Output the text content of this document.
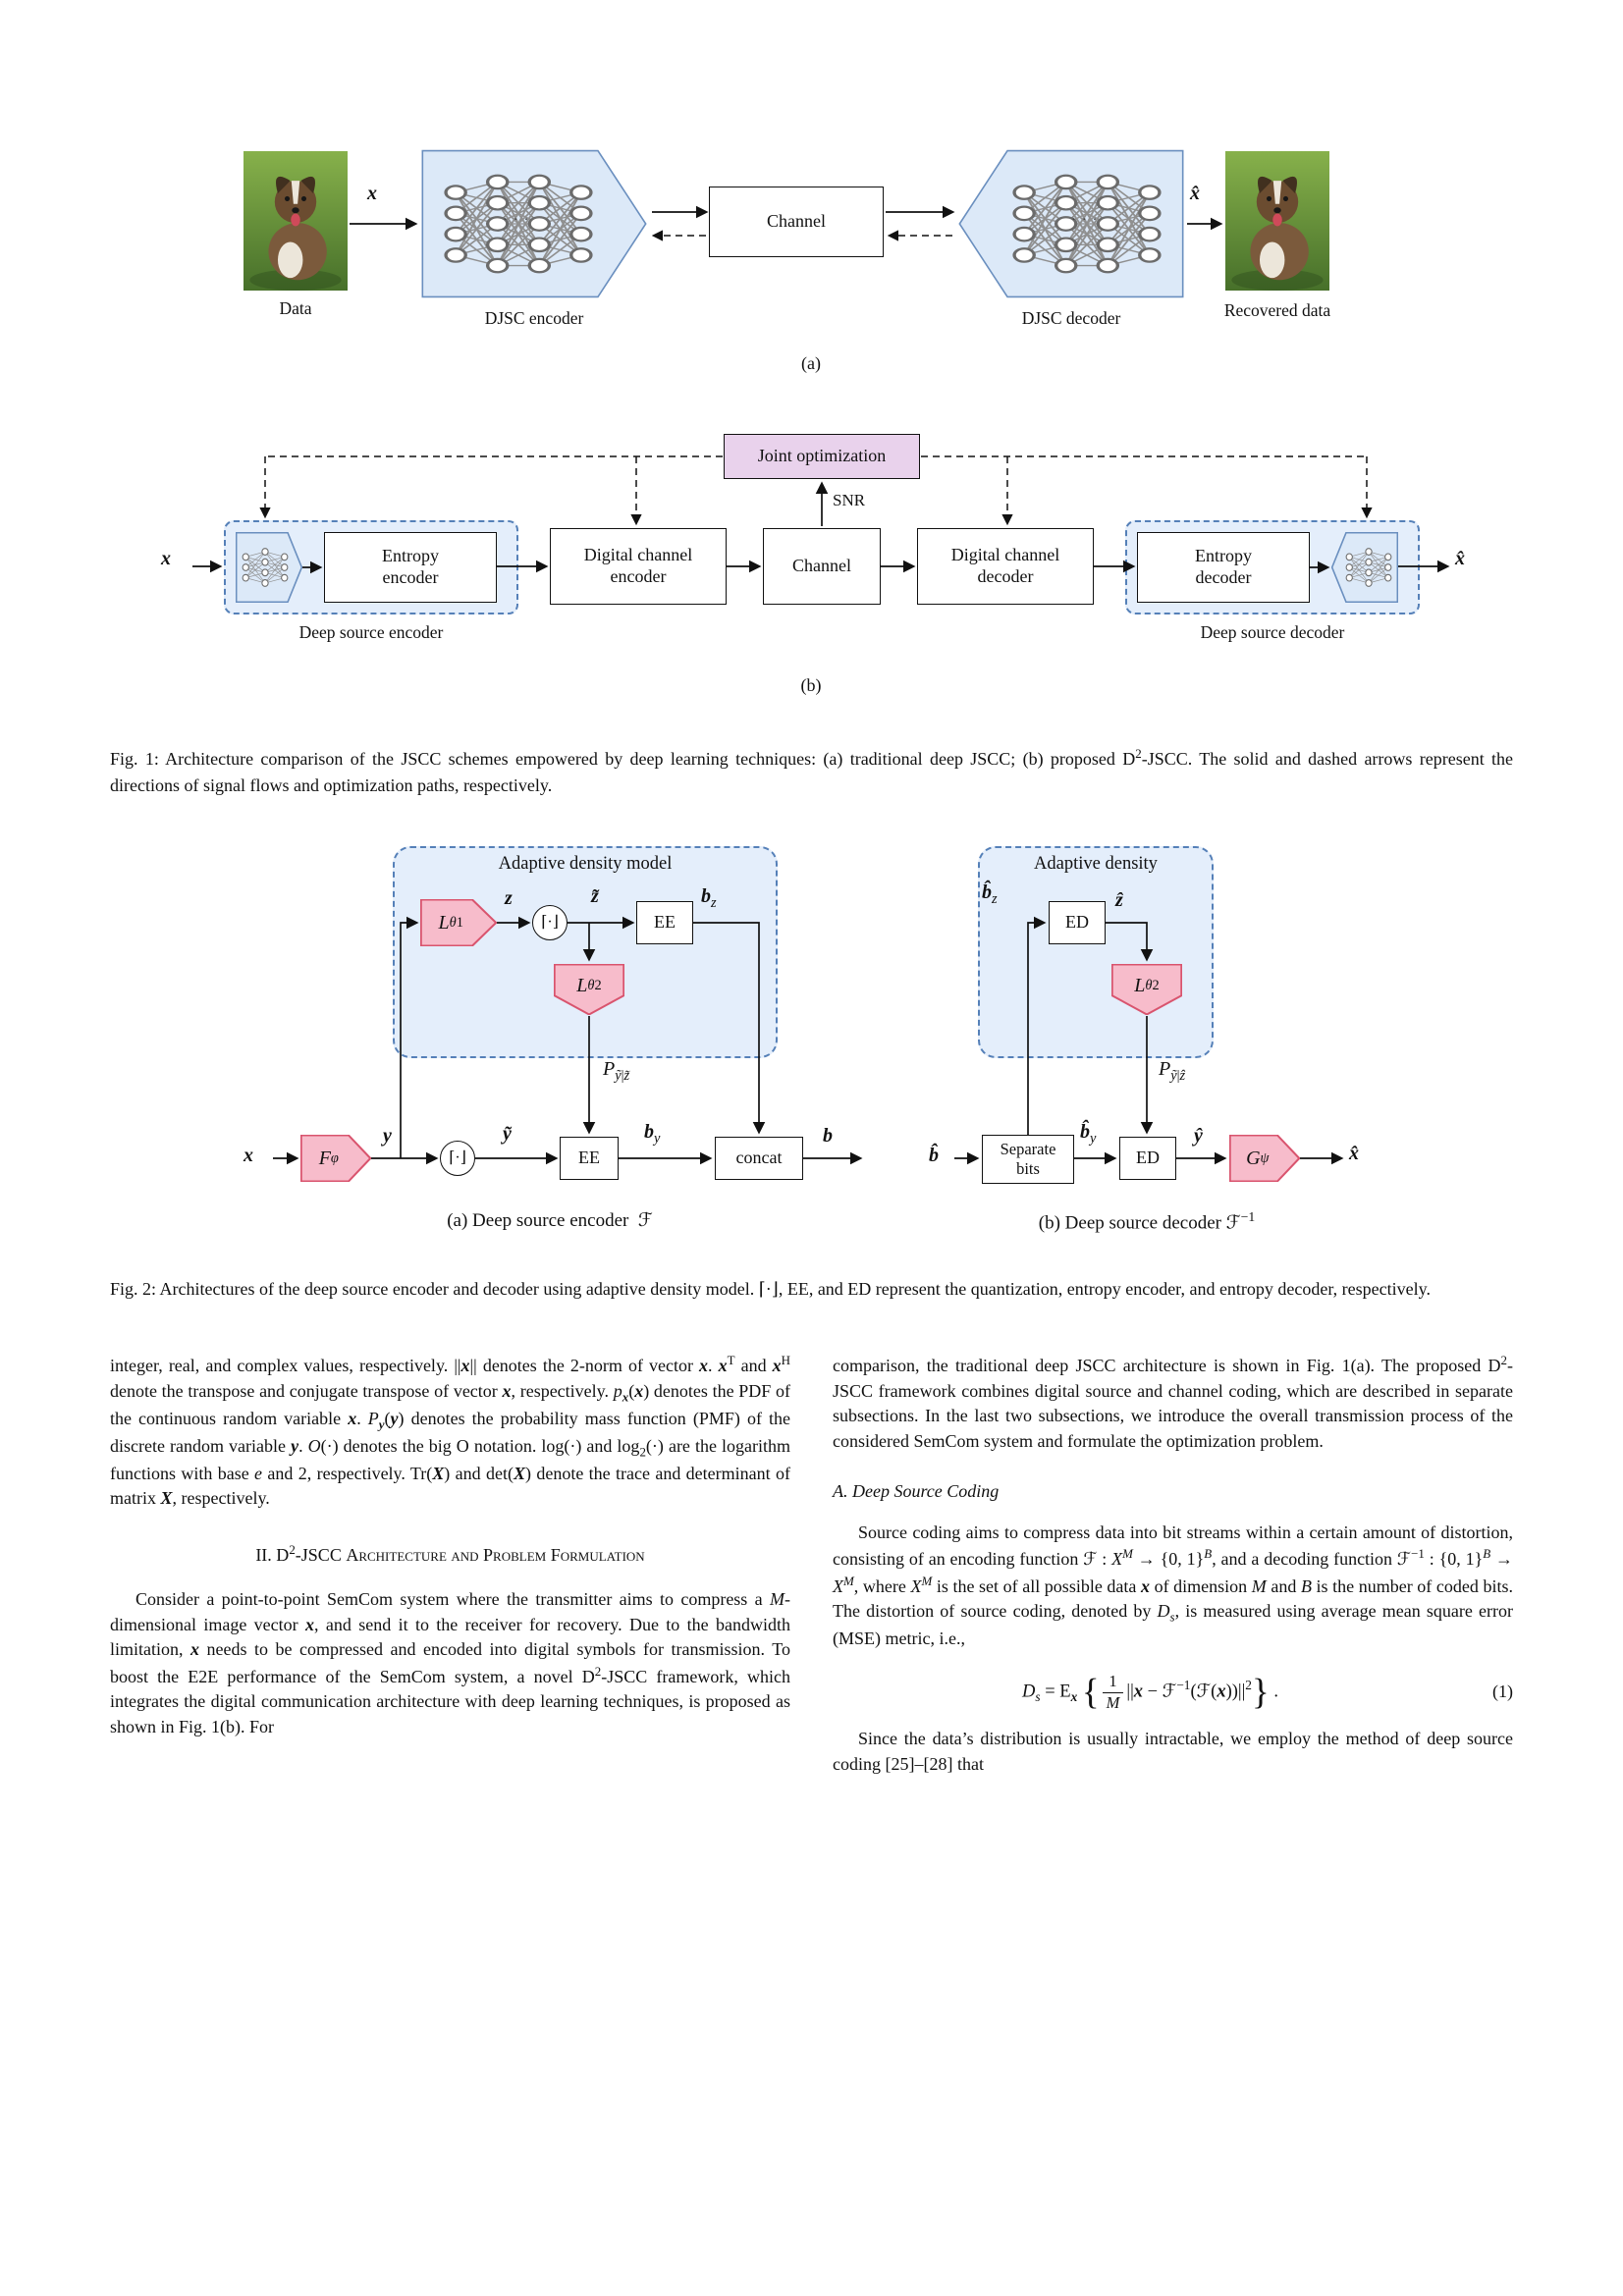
x
· · ·	Channel	· · ·
x̂
Data	DJSC encoder	DJSC decoder	Recovered data
(a)
Joint optimization
SNR
x	Entropy encoder
Deep source encoder
Digital channel encoder
Channel
Digital channel decoder
Entropy decoder
Deep source decoder
x̂
(b)

Fig. 1: Architecture comparison of the JSCC schemes empowered by deep learning techniques: (a) traditional deep JSCC; (b) proposed $D^2$-JSCC. The solid and dashed arrows represent the directions of signal flows and optimization paths, respectively.

Adaptive density model
L θ1	⌈·⌋	EE
L θ2
z	z̃	$b_z$
$P_{ỹ|z̃}$
x	F φ
y
⌈·⌋
ỹ
EE
$b_y$
concat
b
(a) Deep source encoder  ℱ
Adaptive density
$b̂_z$
ED
ẑ
L θ2
$P_{ỹ|ẑ}$
b̂	Separate bits
$b̂_y$
ED
ŷ
G ψ	x̂
(b) Deep source decoder ℱ$^{-1}$

Fig. 2: Architectures of the deep source encoder and decoder using adaptive density model. ⌈·⌋, EE, and ED represent the quantization, entropy encoder, and entropy decoder, respectively.

integer, real, and complex values, respectively. ||x|| denotes the 2-norm of vector x. $x^T$ and $x^H$ denote the transpose and conjugate transpose of vector x, respectively. $p_x(x)$ denotes the PDF of the continuous random variable x. $P_y(y)$ denotes the probability mass function (PMF) of the discrete random variable y. O(·) denotes the big O notation. log(·) and $\log_2(\cdot)$ are the logarithm functions with base e and 2, respectively. Tr(X) and det(X) denote the trace and determinant of matrix X, respectively.

II. $D^2$-JSCC Architecture and Problem Formulation

Consider a point-to-point SemCom system where the transmitter aims to compress a M-dimensional image vector x, and send it to the receiver for recovery. Due to the bandwidth limitation, x needs to be compressed and encoded into digital symbols for transmission. To boost the E2E performance of the SemCom system, a novel $D^2$-JSCC framework, which integrates the digital communication architecture with deep learning techniques, is proposed as shown in Fig. 1(b). For

comparison, the traditional deep JSCC architecture is shown in Fig. 1(a). The proposed $D^2$-JSCC framework combines digital source and channel coding, which are described in separate subsections. In the last two subsections, we introduce the overall transmission process of the considered SemCom system and formulate the optimization problem.

A. Deep Source Coding

Source coding aims to compress data into bit streams within a certain amount of distortion, consisting of an encoding function ℱ : $X^M \to \{0$, 1}$^B$, and a decoding function ℱ$^{-1}$ : {0, $1\}^B \to X^M$, where $X^M$ is the set of all possible data x of dimension M and B is the number of coded bits. The distortion of source coding, denoted by $D_s$, is measured using average mean square error (MSE) metric, i.e.,

$D_s = E_x$ { $\frac{1}{M} ||x$ − $ℱ^{-1}(ℱ(x))||^2$} .	(1)

Since the data’s distribution is usually intractable, we employ the method of deep source coding [25]–[28] that
